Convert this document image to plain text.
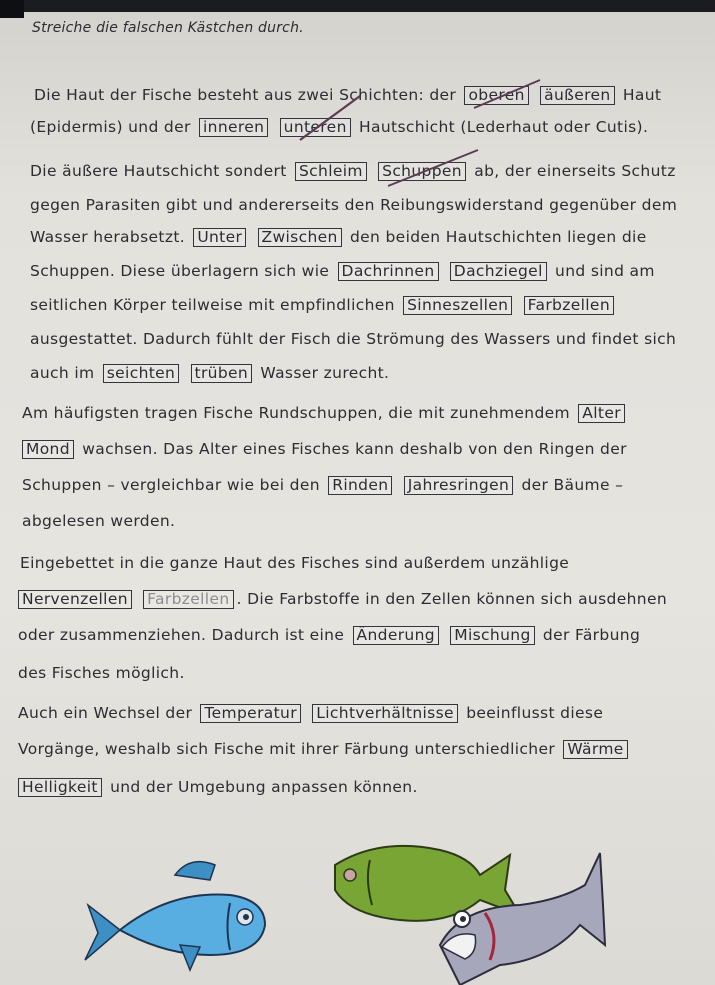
Streiche die falschen Kästchen durch.
Die Haut der Fische besteht aus zwei Schichten: der oberen äußeren Haut
(Epidermis) und der inneren unteren Hautschicht (Lederhaut oder Cutis).
Die äußere Hautschicht sondert Schleim Schuppen ab, der einerseits Schutz
gegen Parasiten gibt und andererseits den Reibungswiderstand gegenüber dem
Wasser herabsetzt. Unter Zwischen den beiden Hautschichten liegen die
Schuppen. Diese überlagern sich wie Dachrinnen Dachziegel und sind am
seitlichen Körper teilweise mit empfindlichen Sinneszellen Farbzellen
ausgestattet. Dadurch fühlt der Fisch die Strömung des Wassers und findet sich
auch im seichten trüben Wasser zurecht.
Am häufigsten tragen Fische Rundschuppen, die mit zunehmendem Alter
Mond wachsen. Das Alter eines Fisches kann deshalb von den Ringen der
Schuppen – vergleichbar wie bei den Rinden Jahresringen der Bäume –
abgelesen werden.
Eingebettet in die ganze Haut des Fisches sind außerdem unzählige
Nervenzellen Farbzellen . Die Farbstoffe in den Zellen können sich ausdehnen
oder zusammenziehen. Dadurch ist eine Änderung Mischung der Färbung
des Fisches möglich.
Auch ein Wechsel der Temperatur Lichtverhältnisse beeinflusst diese
Vorgänge, weshalb sich Fische mit ihrer Färbung unterschiedlicher Wärme
Helligkeit und der Umgebung anpassen können.
